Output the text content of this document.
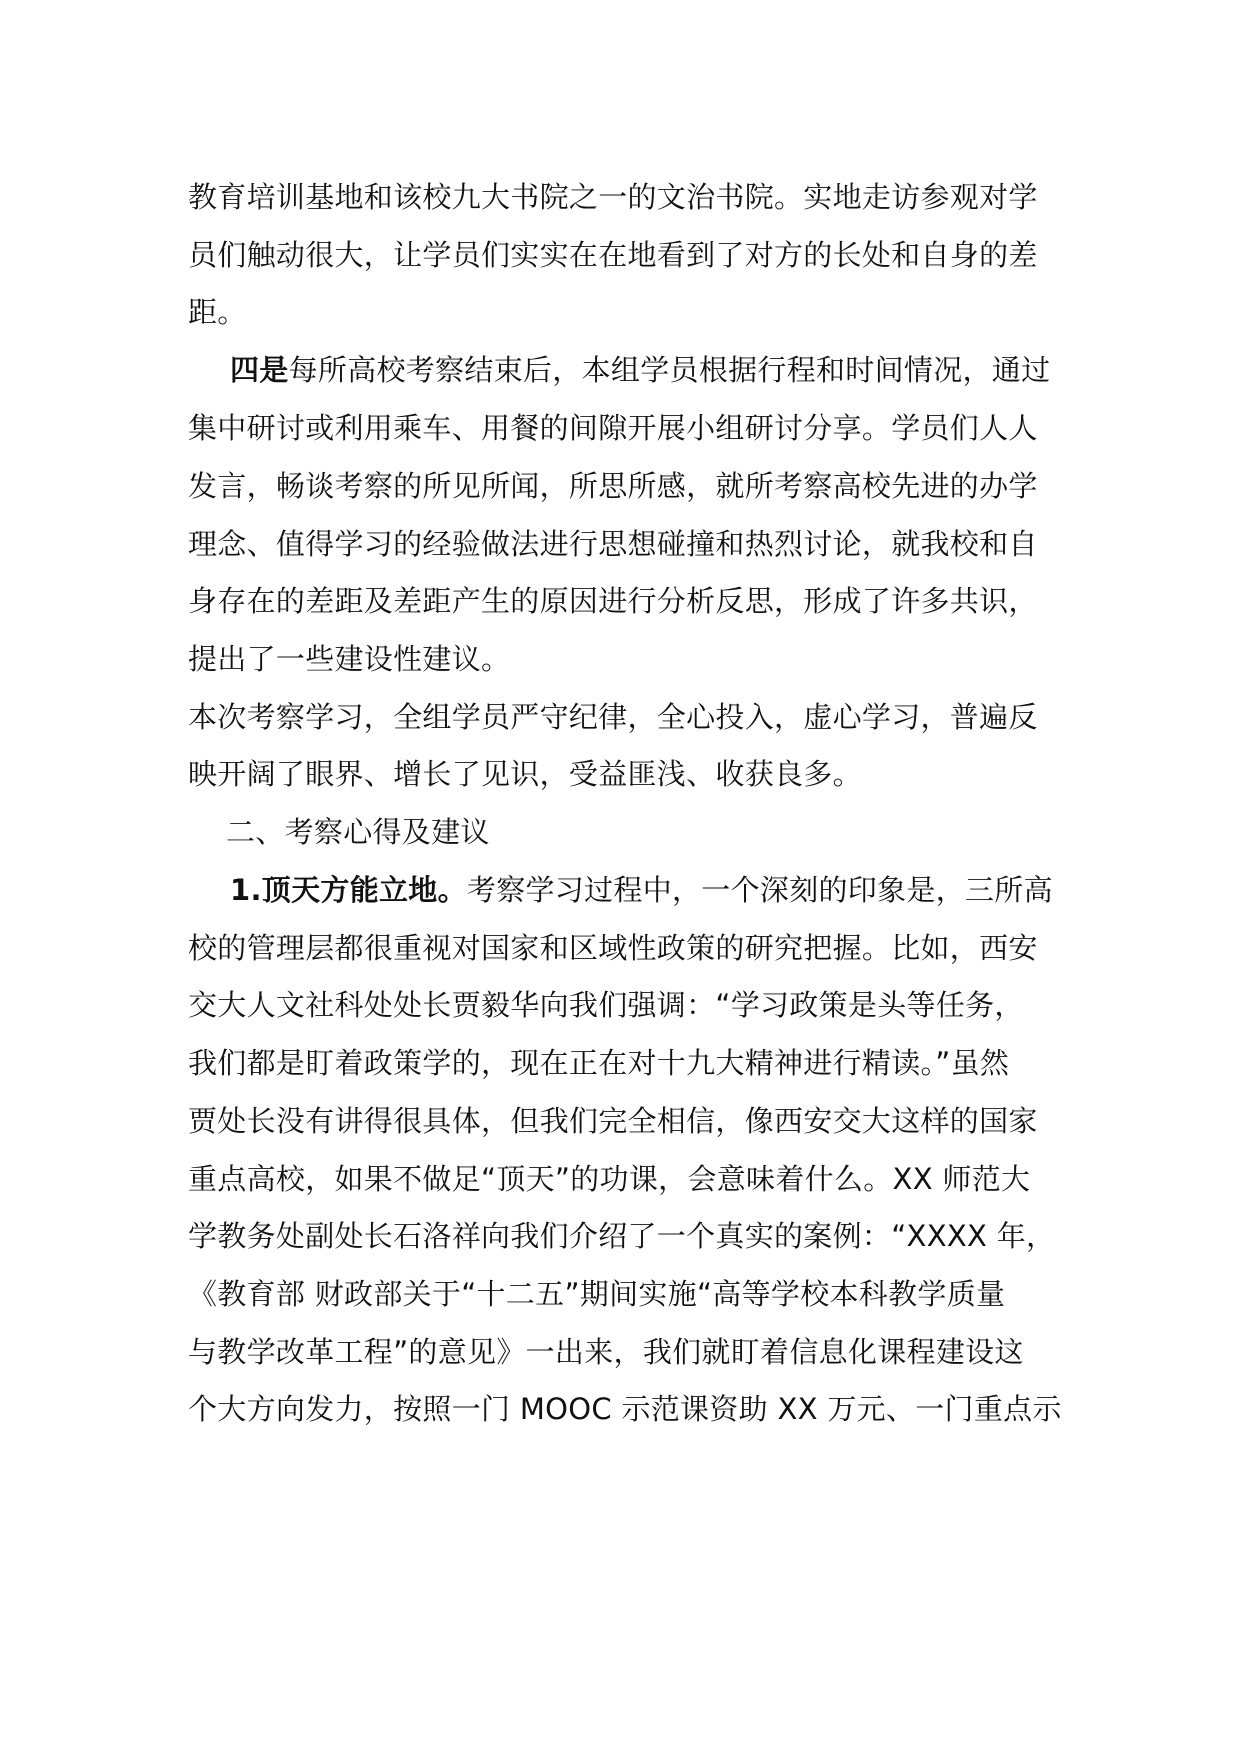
教育培训基地和该校九大书院之一的文治书院。实地走访参观对学
员们触动很大，让学员们实实在在地看到了对方的长处和自身的差
距。
四是每所高校考察结束后，本组学员根据行程和时间情况，通过
集中研讨或利用乘车、用餐的间隙开展小组研讨分享。学员们人人
发言，畅谈考察的所见所闻，所思所感，就所考察高校先进的办学
理念、值得学习的经验做法进行思想碰撞和热烈讨论，就我校和自
身存在的差距及差距产生的原因进行分析反思，形成了许多共识，
提出了一些建设性建议。
本次考察学习，全组学员严守纪律，全心投入，虚心学习，普遍反
映开阔了眼界、增长了见识，受益匪浅、收获良多。
二、考察心得及建议
1.顶天方能立地。考察学习过程中，一个深刻的印象是，三所高
校的管理层都很重视对国家和区域性政策的研究把握。比如，西安
交大人文社科处处长贾毅华向我们强调：“学习政策是头等任务，
我们都是盯着政策学的，现在正在对十九大精神进行精读。”虽然
贾处长没有讲得很具体，但我们完全相信，像西安交大这样的国家
重点高校，如果不做足“顶天”的功课，会意味着什么。XX 师范大
学教务处副处长石洛祥向我们介绍了一个真实的案例：“XXXX 年，
《教育部 财政部关于“十二五”期间实施“高等学校本科教学质量
与教学改革工程”的意见》一出来，我们就盯着信息化课程建设这
个大方向发力，按照一门 MOOC 示范课资助 XX 万元、一门重点示
